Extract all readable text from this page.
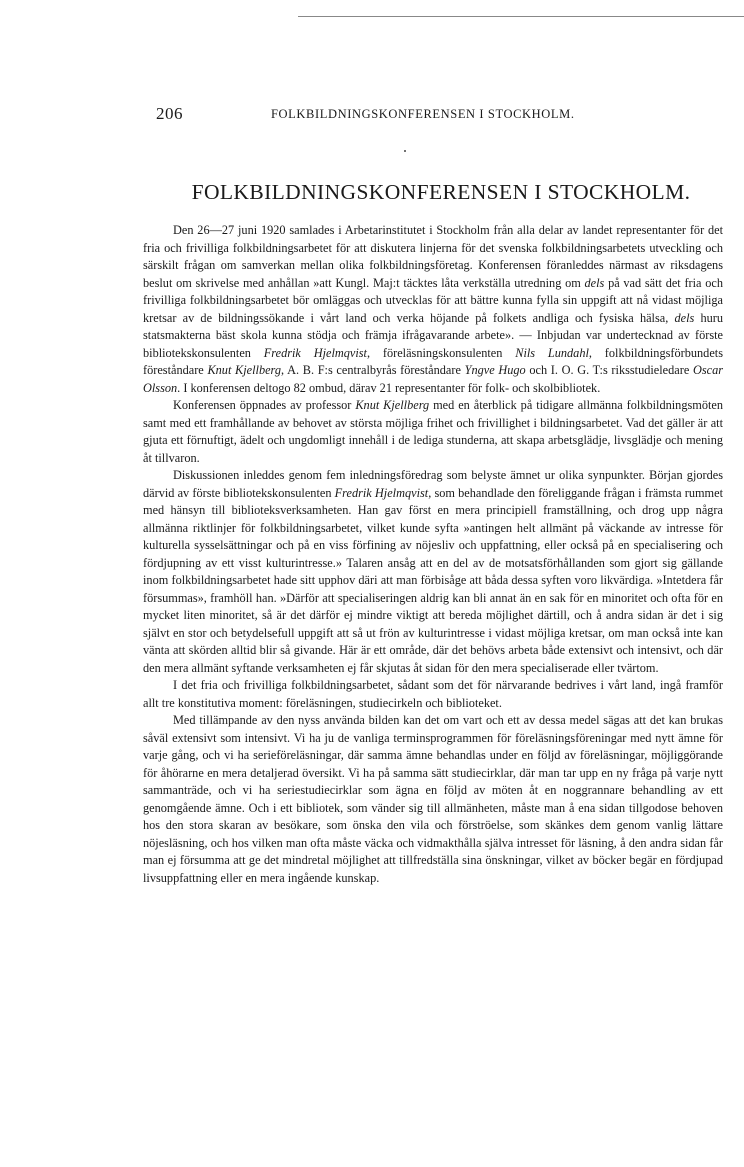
206	FOLKBILDNINGSKONFERENSEN I STOCKHOLM.
FOLKBILDNINGSKONFERENSEN I STOCKHOLM.

Den 26—27 juni 1920 samlades i Arbetarinstitutet i Stockholm från alla delar av landet representanter för det fria och frivilliga folkbildningsarbetet för att diskutera linjerna för det svenska folkbildningsarbetets utveckling och särskilt frågan om samverkan mellan olika folkbildningsföretag. Konferensen föranleddes närmast av riksdagens beslut om skrivelse med anhållan »att Kungl. Maj:t täcktes låta verkställa utredning om dels på vad sätt det fria och frivilliga folkbildningsarbetet bör omläggas och utvecklas för att bättre kunna fylla sin uppgift att nå vidast möjliga kretsar av de bildningssökande i vårt land och verka höjande på folkets andliga och fysiska hälsa, dels huru statsmakterna bäst skola kunna stödja och främja ifrågavarande arbete». — Inbjudan var undertecknad av förste bibliotekskonsulenten Fredrik Hjelmqvist, föreläsningskonsulenten Nils Lundahl, folkbildningsförbundets föreståndare Knut Kjellberg, A. B. F:s centralbyrås föreståndare Yngve Hugo och I. O. G. T:s riksstudieledare Oscar Olsson. I konferensen deltogo 82 ombud, därav 21 representanter för folk- och skolbibliotek.

Konferensen öppnades av professor Knut Kjellberg med en återblick på tidigare allmänna folkbildningsmöten samt med ett framhållande av behovet av största möjliga frihet och frivillighet i bildningsarbetet. Vad det gäller är att gjuta ett förnuftigt, ädelt och ungdomligt innehåll i de lediga stunderna, att skapa arbetsglädje, livsglädje och mening åt tillvaron.

Diskussionen inleddes genom fem inledningsföredrag som belyste ämnet ur olika synpunkter. Början gjordes därvid av förste bibliotekskonsulenten Fredrik Hjelmqvist, som behandlade den föreliggande frågan i främsta rummet med hänsyn till biblioteksverksamheten. Han gav först en mera principiell framställning, och drog upp några allmänna riktlinjer för folkbildningsarbetet, vilket kunde syfta »antingen helt allmänt på väckande av intresse för kulturella sysselsättningar och på en viss förfining av nöjesliv och uppfattning, eller också på en specialisering och fördjupning av ett visst kulturintresse.» Talaren ansåg att en del av de motsatsförhållanden som gjort sig gällande inom folkbildningsarbetet hade sitt upphov däri att man förbisåge att båda dessa syften voro likvärdiga. »Intetdera får försummas», framhöll han. »Därför att specialiseringen aldrig kan bli annat än en sak för en minoritet och ofta för en mycket liten minoritet, så är det därför ej mindre viktigt att bereda möjlighet därtill, och å andra sidan är det i sig självt en stor och betydelsefull uppgift att så ut frön av kulturintresse i vidast möjliga kretsar, om man också inte kan vänta att skörden alltid blir så givande. Här är ett område, där det behövs arbeta både extensivt och intensivt, och där den mera allmänt syftande verksamheten ej får skjutas åt sidan för den mera specialiserade eller tvärtom.

I det fria och frivilliga folkbildningsarbetet, sådant som det för närvarande bedrives i vårt land, ingå framför allt tre konstitutiva moment: föreläsningen, studiecirkeln och biblioteket.

Med tillämpande av den nyss använda bilden kan det om vart och ett av dessa medel sägas att det kan brukas såväl extensivt som intensivt. Vi ha ju de vanliga terminsprogrammen för föreläsningsföreningar med nytt ämne för varje gång, och vi ha serieföreläsningar, där samma ämne behandlas under en följd av föreläsningar, möjliggörande för åhörarne en mera detaljerad översikt. Vi ha på samma sätt studiecirklar, där man tar upp en ny fråga på varje nytt sammanträde, och vi ha seriestudiecirklar som ägna en följd av möten åt en noggrannare behandling av ett genomgående ämne. Och i ett bibliotek, som vänder sig till allmänheten, måste man å ena sidan tillgodose behoven hos den stora skaran av besökare, som önska den vila och förströelse, som skänkes dem genom vanlig lättare nöjesläsning, och hos vilken man ofta måste väcka och vidmakthålla själva intresset för läsning, å den andra sidan får man ej försumma att ge det mindretal möjlighet att tillfredställa sina önskningar, vilket av böcker begär en fördjupad livsuppfattning eller en mera ingående kunskap.
